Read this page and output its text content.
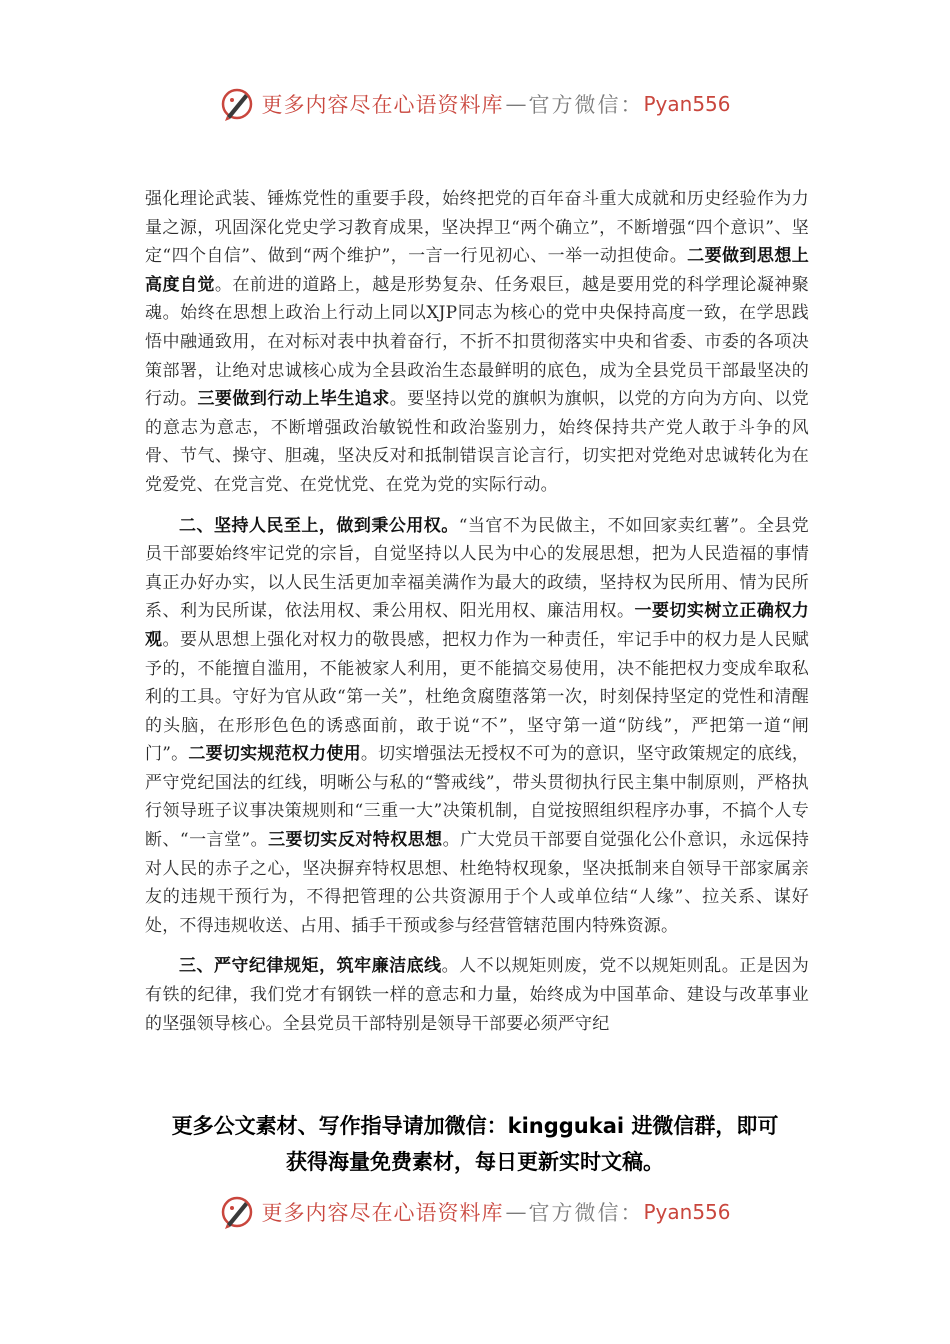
更多内容尽在心语资料库 — 官方微信： Pyan556

强化理论武装、锤炼党性的重要手段，始终把党的百年奋斗重大成就和历史经验作为力量之源，巩固深化党史学习教育成果，坚决捍卫“两个确立”，不断增强“四个意识”、坚定“四个自信”、做到“两个维护”，一言一行见初心、一举一动担使命。二要做到思想上高度自觉。在前进的道路上，越是形势复杂、任务艰巨，越是要用党的科学理论凝神聚魂。始终在思想上政治上行动上同以XJP同志为核心的党中央保持高度一致，在学思践悟中融通致用，在对标对表中执着奋行，不折不扣贯彻落实中央和省委、市委的各项决策部署，让绝对忠诚核心成为全县政治生态最鲜明的底色，成为全县党员干部最坚决的行动。三要做到行动上毕生追求。要坚持以党的旗帜为旗帜，以党的方向为方向、以党的意志为意志，不断增强政治敏锐性和政治鉴别力，始终保持共产党人敢于斗争的风骨、节气、操守、胆魂，坚决反对和抵制错误言论言行，切实把对党绝对忠诚转化为在党爱党、在党言党、在党忧党、在党为党的实际行动。

二、坚持人民至上，做到秉公用权。“当官不为民做主，不如回家卖红薯”。全县党员干部要始终牢记党的宗旨，自觉坚持以人民为中心的发展思想，把为人民造福的事情真正办好办实，以人民生活更加幸福美满作为最大的政绩，坚持权为民所用、情为民所系、利为民所谋，依法用权、秉公用权、阳光用权、廉洁用权。一要切实树立正确权力观。要从思想上强化对权力的敬畏感，把权力作为一种责任，牢记手中的权力是人民赋予的，不能擅自滥用，不能被家人利用，更不能搞交易使用，决不能把权力变成牟取私利的工具。守好为官从政“第一关”，杜绝贪腐堕落第一次，时刻保持坚定的党性和清醒的头脑，在形形色色的诱惑面前，敢于说“不”，坚守第一道“防线”，严把第一道“闸门”。二要切实规范权力使用。切实增强法无授权不可为的意识，坚守政策规定的底线，严守党纪国法的红线，明晰公与私的“警戒线”，带头贯彻执行民主集中制原则，严格执行领导班子议事决策规则和“三重一大”决策机制，自觉按照组织程序办事，不搞个人专断、“一言堂”。三要切实反对特权思想。广大党员干部要自觉强化公仆意识，永远保持对人民的赤子之心，坚决摒弃特权思想、杜绝特权现象，坚决抵制来自领导干部家属亲友的违规干预行为，不得把管理的公共资源用于个人或单位结“人缘”、拉关系、谋好处，不得违规收送、占用、插手干预或参与经营管辖范围内特殊资源。

三、严守纪律规矩，筑牢廉洁底线。人不以规矩则废，党不以规矩则乱。正是因为有铁的纪律，我们党才有钢铁一样的意志和力量，始终成为中国革命、建设与改革事业的坚强领导核心。全县党员干部特别是领导干部要必须严守纪

更多公文素材、写作指导请加微信：kinggukai 进微信群，即可
获得海量免费素材，每日更新实时文稿。
更多内容尽在心语资料库 — 官方微信： Pyan556
